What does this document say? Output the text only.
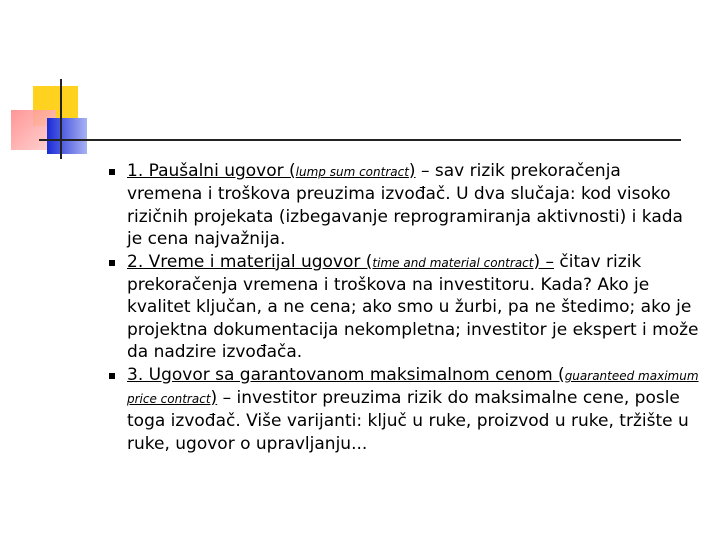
1. Paušalni ugovor (lump sum contract) – sav rizik prekoračenja vremena i troškova preuzima izvođač. U dva slučaja: kod visoko rizičnih projekata (izbegavanje reprogramiranja aktivnosti) i kada je cena najvažnija.
2. Vreme i materijal ugovor (time and material contract) – čitav rizik prekoračenja vremena i troškova na investitoru. Kada? Ako je kvalitet ključan, a ne cena; ako smo u žurbi, pa ne štedimo; ako je projektna dokumentacija nekompletna; investitor je ekspert i može da nadzire izvođača.
3. Ugovor sa garantovanom maksimalnom cenom (guaranteed maximum price contract) – investitor preuzima rizik do maksimalne cene, posle toga izvođač. Više varijanti: ključ u ruke, proizvod u ruke, tržište u ruke, ugovor o upravljanju...
